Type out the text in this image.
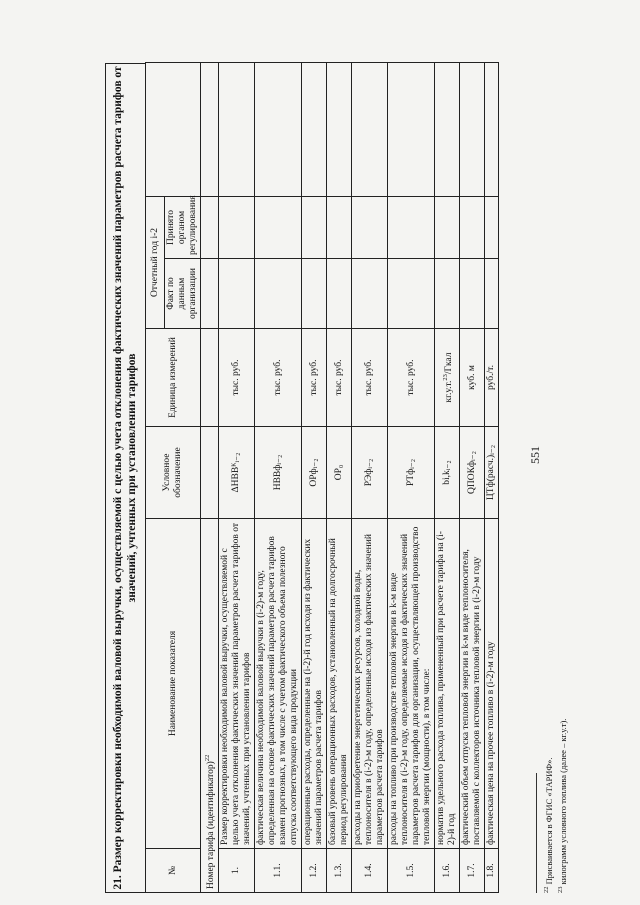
551
21. Размер корректировки необходимой валовой выручки, осуществляемой с целью учета отклонения фактических значений параметров расчета тарифов от значений, учтенных при установлении тарифов
№	Наименование показателя	Условное обозначение	Единица измерений	Отчетный год i-2		
				Факт по данным организации	Принято органом регулирования	
Номер тарифа (идентификатор)$^{22}$					
1.	Размер корректировки необходимой валовой выручки, осуществляемой с целью учета отклонения фактических значений параметров расчета тарифов от значений, учтенных при установлении тарифов	ΔНВВᴷᵢ₋₂	тыс. руб.			
1.1.	фактическая величина необходимой валовой выручки в (i-2)-м году, определенная на основе фактических значений параметров расчета тарифов взамен прогнозных, в том числе с учетом фактического объема полезного отпуска соответствующего вида продукции	НВВфᵢ₋₂	тыс. руб.			
1.2.	операционные расходы, определенные на (i-2)-й год исходя из фактических значений параметров расчета тарифов	ОРфᵢ₋₂	тыс. руб.			
1.3.	базовый уровень операционных расходов, установленный на долгосрочный период регулирования	ОР₀	тыс. руб.			
1.4.	расходы на приобретение энергетических ресурсов, холодной воды, теплоносителя в (i-2)-м году, определенные исходя из фактических значений параметров расчета тарифов	РЭфᵢ₋₂	тыс. руб.			
1.5.	расходы на топливо при производстве тепловой энергии в k-м виде теплоносителя в (i-2)-м году, определяемые исходя из фактических значений параметров расчета тарифов для организации, осуществляющей производство тепловой энергии (мощности), в том числе:	РТфᵢ₋₂	тыс. руб.			
1.6.	норматив удельного расхода топлива, примененный при расчете тарифа на (i-2)-й год	bi,kᵢ₋₂	кг.у.т.$^{23}$/Гкал			
1.7.	фактический объем отпуска тепловой энергии в k-м виде теплоносителя, поставляемой с коллекторов источника тепловой энергии в (i-2)-м году	QПОКфᵢ₋₂	куб. м			
1.8.	фактическая цена на прочее топливо в (i-2)-м году	ЦТф(расч.)ᵢ₋₂	руб./т.			
$^{22}$ Присваивается в ФГИС «ТАРИФ».
$^{23}$ килограмм условного топлива (далее – кг.у.т).
